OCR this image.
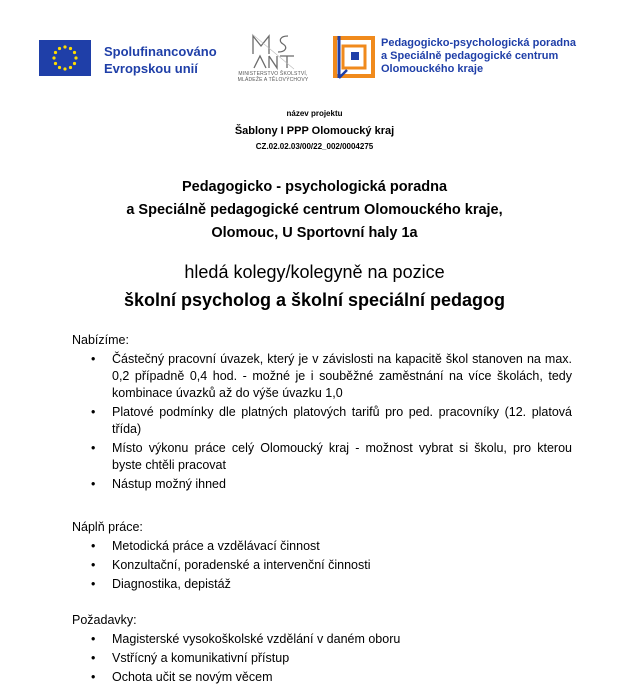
Spolufinancováno
Evropskou unií	MINISTERSTVO ŠKOLSTVÍ,
MLÁDEŽE A TĚLOVÝCHOVY
Pedagogicko-psychologická poradna
a Speciálně pedagogické centrum
Olomouckého kraje
název projektu
Šablony I PPP Olomoucký kraj
CZ.02.02.03/00/22_002/0004275
Pedagogicko - psychologická poradna
a Speciálně pedagogické centrum Olomouckého kraje,
Olomouc, U Sportovní haly 1a
hledá kolegy/kolegyně na pozice
školní psycholog a školní speciální pedagog
Nabízíme:
• Částečný pracovní úvazek, který je v závislosti na kapacitě škol stanoven na max. 0,2 případně 0,4 hod. - možné je i souběžné zaměstnání na více školách, tedy kombinace úvazků až do výše úvazku 1,0
• Platové podmínky dle platných platových tarifů pro ped. pracovníky (12. platová třída)
• Místo výkonu práce celý Olomoucký kraj - možnost vybrat si školu, pro kterou byste chtěli pracovat
• Nástup možný ihned
Náplň práce:
• Metodická práce a vzdělávací činnost
• Konzultační, poradenské a intervenční činnosti
• Diagnostika, depistáž
Požadavky:
• Magisterské vysokoškolské vzdělání v daném oboru
• Vstřícný a komunikativní přístup
• Ochota učit se novým věcem
